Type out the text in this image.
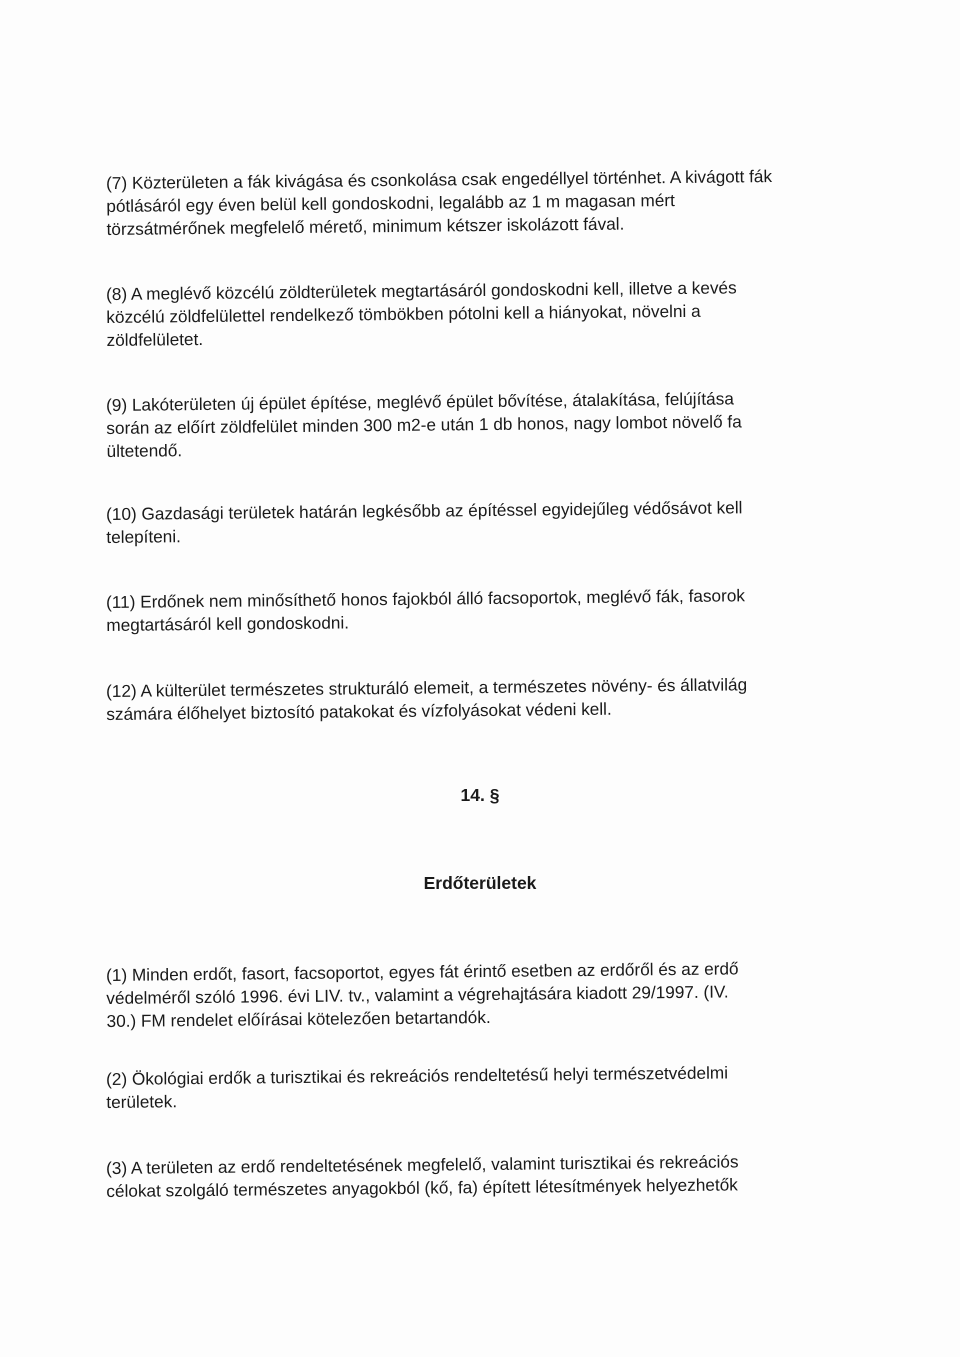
(7) Közterületen a fák kivágása és csonkolása csak engedéllyel történhet. A kivágott fák
pótlásáról egy éven belül kell gondoskodni, legalább az 1 m magasan mért
törzsátmérőnek megfelelő mérető, minimum kétszer iskolázott fával.
(8) A meglévő közcélú zöldterületek megtartásáról gondoskodni kell, illetve a kevés
közcélú zöldfelülettel rendelkező tömbökben pótolni kell a hiányokat, növelni a
zöldfelületet.
(9) Lakóterületen új épület építése, meglévő épület bővítése, átalakítása, felújítása
során az előírt zöldfelület minden 300 m2-e után 1 db honos, nagy lombot növelő fa
ültetendő.
(10) Gazdasági területek határán legkésőbb az építéssel egyidejűleg védősávot kell
telepíteni.
(11) Erdőnek nem minősíthető honos fajokból álló facsoportok, meglévő fák, fasorok
megtartásáról kell gondoskodni.
(12) A külterület természetes strukturáló elemeit, a természetes növény- és állatvilág
számára élőhelyet biztosító patakokat és vízfolyásokat védeni kell.
14. §
Erdőterületek
(1) Minden erdőt, fasort, facsoportot, egyes fát érintő esetben az erdőről és az erdő
védelméről szóló 1996. évi LIV. tv., valamint a végrehajtására kiadott 29/1997. (IV.
30.) FM rendelet előírásai kötelezően betartandók.
(2) Ökológiai erdők a turisztikai és rekreációs rendeltetésű helyi természetvédelmi
területek.
(3) A területen az erdő rendeltetésének megfelelő, valamint turisztikai és rekreációs
célokat szolgáló természetes anyagokból (kő, fa) épített létesítmények helyezhetők
